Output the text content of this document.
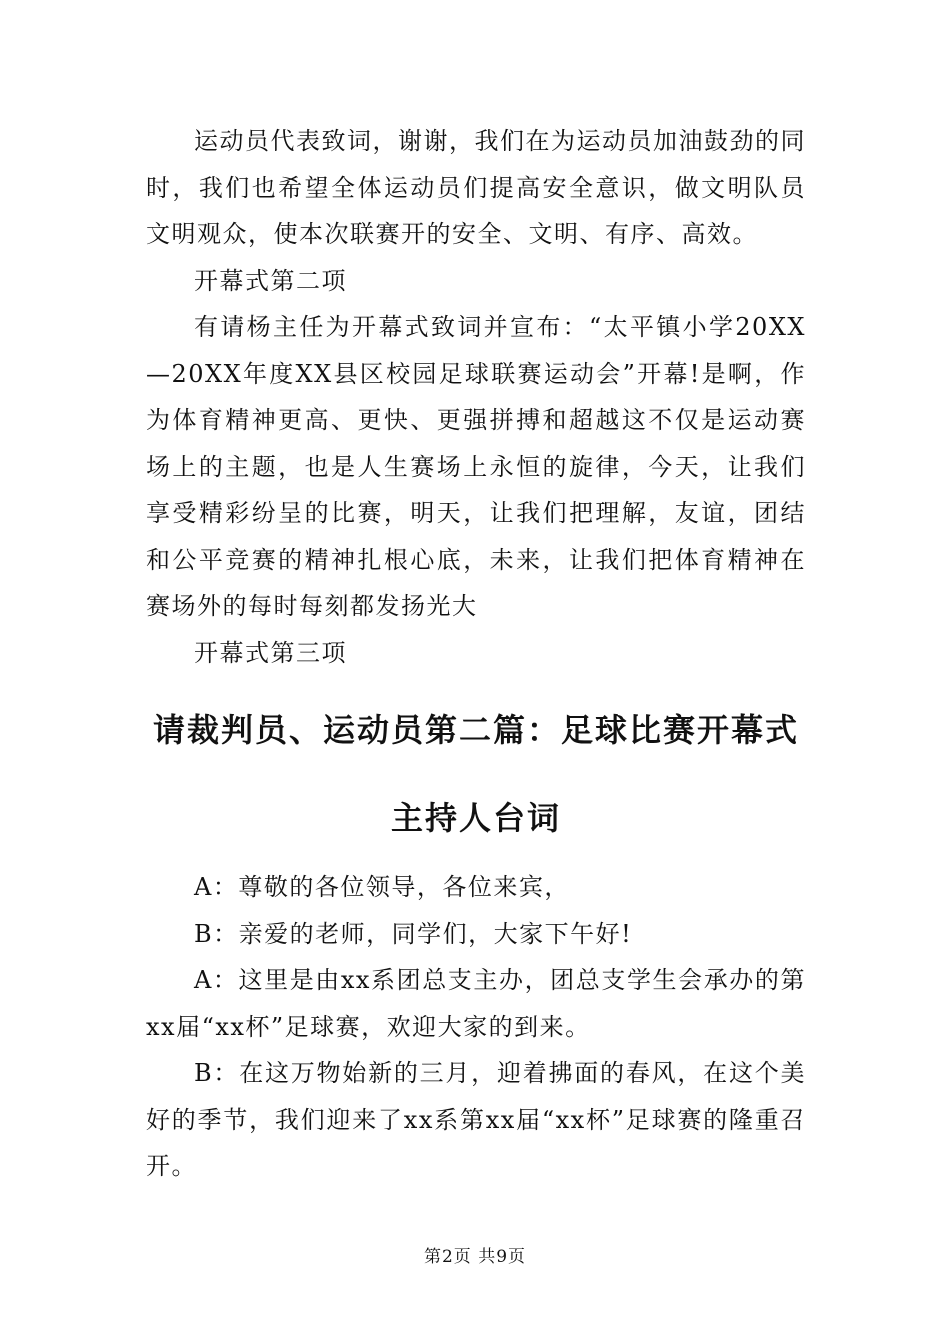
运动员代表致词，谢谢，我们在为运动员加油鼓劲的同时，我们也希望全体运动员们提高安全意识，做文明队员文明观众，使本次联赛开的安全、文明、有序、高效。

开幕式第二项

有请杨主任为开幕式致词并宣布：“太平镇小学20XX—20XX年度XX县区校园足球联赛运动会”开幕!是啊，作为体育精神更高、更快、更强拼搏和超越这不仅是运动赛场上的主题，也是人生赛场上永恒的旋律，今天，让我们享受精彩纷呈的比赛，明天，让我们把理解，友谊，团结和公平竞赛的精神扎根心底，未来，让我们把体育精神在赛场外的每时每刻都发扬光大

开幕式第三项

请裁判员、运动员第二篇：足球比赛开幕式主持人台词

A：尊敬的各位领导，各位来宾，

B：亲爱的老师，同学们，大家下午好!

A：这里是由xx系团总支主办，团总支学生会承办的第xx届“xx杯”足球赛，欢迎大家的到来。

B：在这万物始新的三月，迎着拂面的春风，在这个美好的季节，我们迎来了xx系第xx届“xx杯”足球赛的隆重召开。

第2页 共9页
